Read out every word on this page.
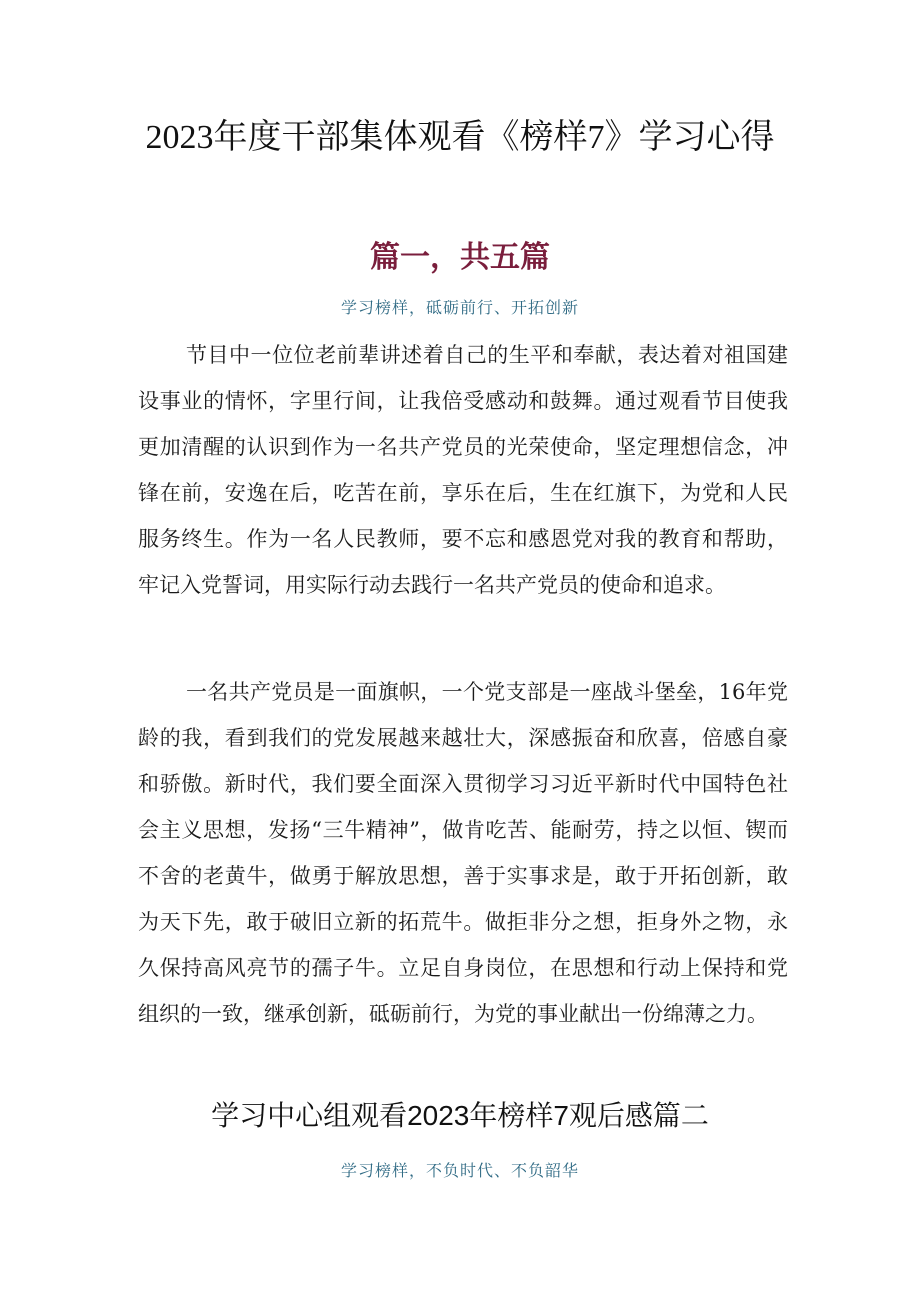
2023年度干部集体观看《榜样7》学习心得
篇一，共五篇

学习榜样，砥砺前行、开拓创新

节目中一位位老前辈讲述着自己的生平和奉献，表达着对祖国建设事业的情怀，字里行间，让我倍受感动和鼓舞。通过观看节目使我更加清醒的认识到作为一名共产党员的光荣使命，坚定理想信念，冲锋在前，安逸在后，吃苦在前，享乐在后，生在红旗下，为党和人民服务终生。作为一名人民教师，要不忘和感恩党对我的教育和帮助，牢记入党誓词，用实际行动去践行一名共产党员的使命和追求。

一名共产党员是一面旗帜，一个党支部是一座战斗堡垒，16年党龄的我，看到我们的党发展越来越壮大，深感振奋和欣喜，倍感自豪和骄傲。新时代，我们要全面深入贯彻学习习近平新时代中国特色社会主义思想，发扬“三牛精神”，做肯吃苦、能耐劳，持之以恒、锲而不舍的老黄牛，做勇于解放思想，善于实事求是，敢于开拓创新，敢为天下先，敢于破旧立新的拓荒牛。做拒非分之想，拒身外之物，永久保持高风亮节的孺子牛。立足自身岗位，在思想和行动上保持和党组织的一致，继承创新，砥砺前行，为党的事业献出一份绵薄之力。

学习中心组观看2023年榜样7观后感篇二

学习榜样，不负时代、不负韶华
